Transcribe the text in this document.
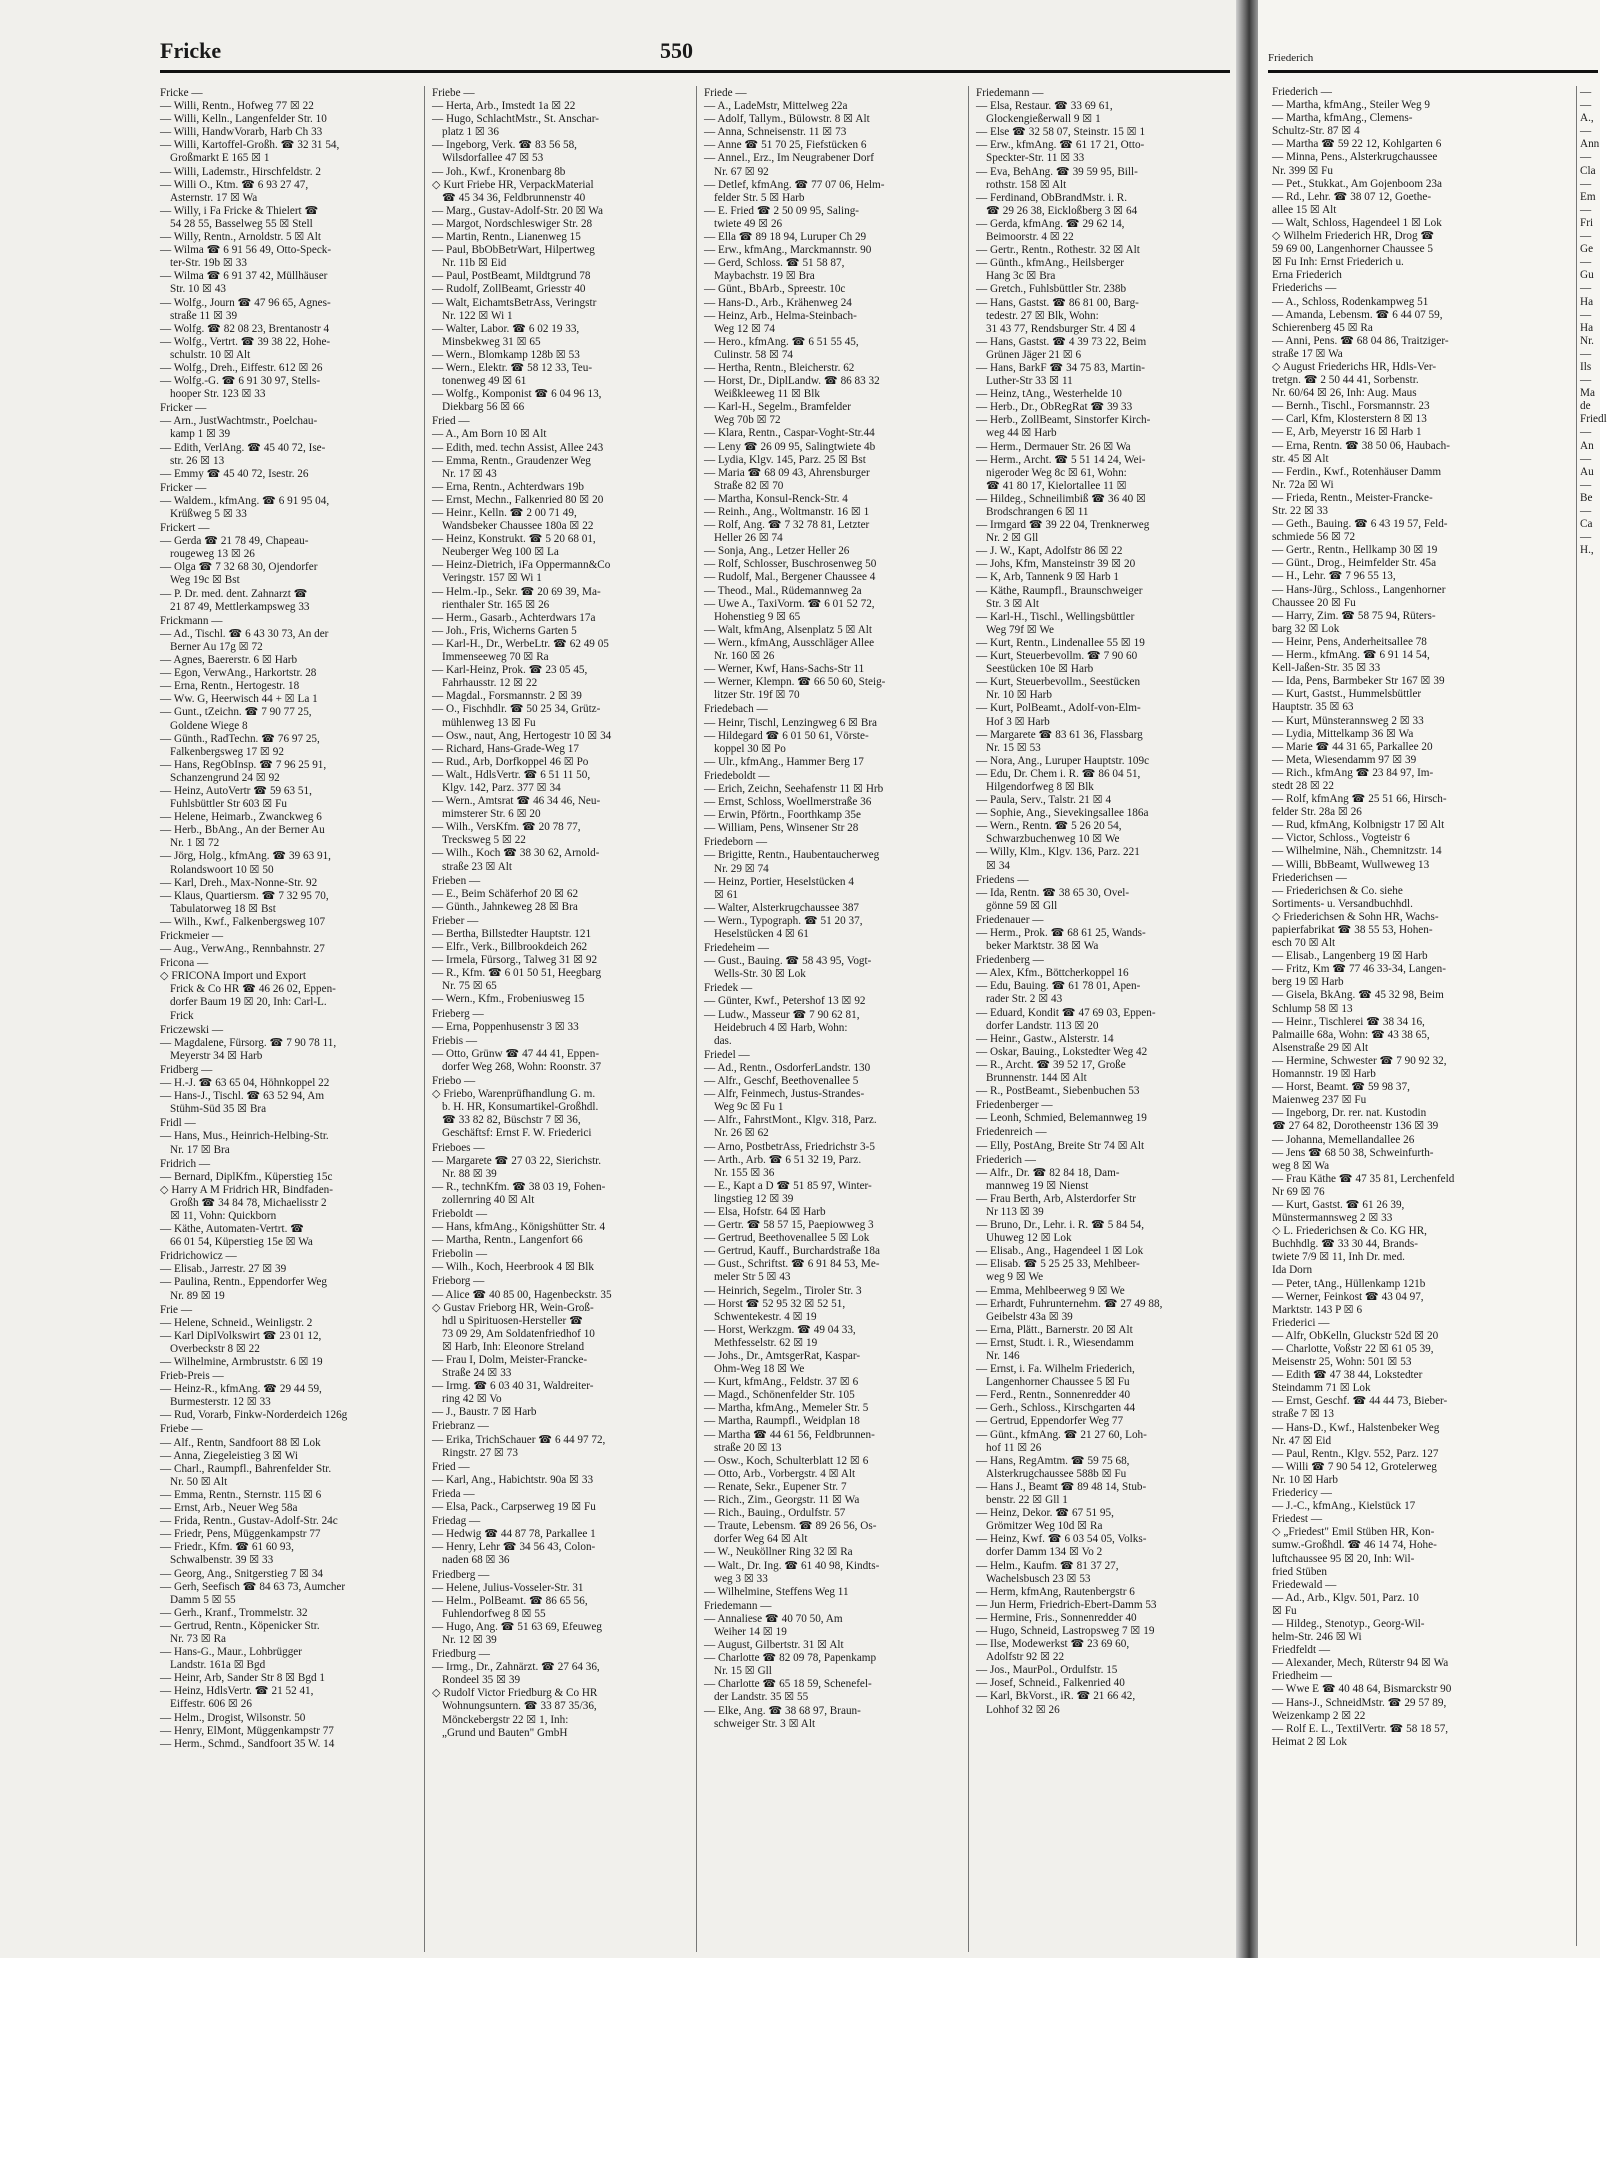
Fricke	550
Fricke —
— Willi, Rentn., Hofweg 77 ☒ 22
— Willi, Kelln., Langenfelder Str. 10
— Willi, HandwVorarb, Harb Ch 33
— Willi, Kartoffel-Großh. ☎ 32 31 54,
Großmarkt E 165 ☒ 1
— Willi, Lademstr., Hirschfeldstr. 2
— Willi O., Ktm. ☎ 6 93 27 47,
Asternstr. 17 ☒ Wa
— Willy, i Fa Fricke & Thielert ☎
54 28 55, Basselweg 55 ☒ Stell
— Willy, Rentn., Arnoldstr. 5 ☒ Alt
— Wilma ☎ 6 91 56 49, Otto-Speck-
ter-Str. 19b ☒ 33
— Wilma ☎ 6 91 37 42, Müllhäuser
Str. 10 ☒ 43
— Wolfg., Journ ☎ 47 96 65, Agnes-
straße 11 ☒ 39
— Wolfg. ☎ 82 08 23, Brentanostr 4
— Wolfg., Vertrt. ☎ 39 38 22, Hohe-
schulstr. 10 ☒ Alt
— Wolfg., Dreh., Eiffestr. 612 ☒ 26
— Wolfg.-G. ☎ 6 91 30 97, Stells-
hooper Str. 123 ☒ 33
Fricker —
— Arn., JustWachtmstr., Poelchau-
kamp 1 ☒ 39
— Edith, VerlAng. ☎ 45 40 72, Ise-
str. 26 ☒ 13
— Emmy ☎ 45 40 72, Isestr. 26
Fricker —
— Waldem., kfmAng. ☎ 6 91 95 04,
Krüßweg 5 ☒ 33
Frickert —
— Gerda ☎ 21 78 49, Chapeau-
rougeweg 13 ☒ 26
— Olga ☎ 7 32 68 30, Ojendorfer
Weg 19c ☒ Bst
— P. Dr. med. dent. Zahnarzt ☎
21 87 49, Mettlerkampsweg 33
Frickmann —
— Ad., Tischl. ☎ 6 43 30 73, An der
Berner Au 17g ☒ 72
— Agnes, Baererstr. 6 ☒ Harb
— Egon, VerwAng., Harkortstr. 28
— Erna, Rentn., Hertogestr. 18
— Ww. G, Heerwisch 44 + ☒ La 1
— Gunt., tZeichn. ☎ 7 90 77 25,
Goldene Wiege 8
— Günth., RadTechn. ☎ 76 97 25,
Falkenbergsweg 17 ☒ 92
— Hans, RegObInsp. ☎ 7 96 25 91,
Schanzengrund 24 ☒ 92
— Heinz, AutoVertr ☎ 59 63 51,
Fuhlsbüttler Str 603 ☒ Fu
— Helene, Heimarb., Zwanckweg 6
— Herb., BbAng., An der Berner Au
Nr. 1 ☒ 72
— Jörg, Holg., kfmAng. ☎ 39 63 91,
Rolandswoort 10 ☒ 50
— Karl, Dreh., Max-Nonne-Str. 92
— Klaus, Quartiersm. ☎ 7 32 95 70,
Tabulatorweg 18 ☒ Bst
— Wilh., Kwf., Falkenbergsweg 107
Frickmeier —
— Aug., VerwAng., Rennbahnstr. 27
Fricona —
◇ FRICONA Import und Export
Frick & Co HR ☎ 46 26 02, Eppen-
dorfer Baum 19 ☒ 20, Inh: Carl-L.
Frick
Friczewski —
— Magdalene, Fürsorg. ☎ 7 90 78 11,
Meyerstr 34 ☒ Harb
Fridberg —
— H.-J. ☎ 63 65 04, Höhnkoppel 22
— Hans-J., Tischl. ☎ 63 52 94, Am
Stühm-Süd 35 ☒ Bra
Fridl —
— Hans, Mus., Heinrich-Helbing-Str.
Nr. 17 ☒ Bra
Fridrich —
— Bernard, DiplKfm., Küperstieg 15c
◇ Harry A M Fridrich HR, Bindfaden-
Großh ☎ 34 84 78, Michaelisstr 2
☒ 11, Vohn: Quickborn
— Käthe, Automaten-Vertrt. ☎
66 01 54, Küperstieg 15e ☒ Wa
Fridrichowicz —
— Elisab., Jarrestr. 27 ☒ 39
— Paulina, Rentn., Eppendorfer Weg
Nr. 89 ☒ 19
Frie —
— Helene, Schneid., Weinligstr. 2
— Karl DiplVolkswirt ☎ 23 01 12,
Overbeckstr 8 ☒ 22
— Wilhelmine, Armbruststr. 6 ☒ 19
Frieb-Preis —
— Heinz-R., kfmAng. ☎ 29 44 59,
Burmesterstr. 12 ☒ 33
— Rud, Vorarb, Finkw-Norderdeich 126g
Friebe —
— Alf., Rentn, Sandfoort 88 ☒ Lok
— Anna, Ziegeleistieg 3 ☒ Wi
— Charl., Raumpfl., Bahrenfelder Str.
Nr. 50 ☒ Alt
— Emma, Rentn., Sternstr. 115 ☒ 6
— Ernst, Arb., Neuer Weg 58a
— Frida, Rentn., Gustav-Adolf-Str. 24c
— Friedr, Pens, Müggenkampstr 77
— Friedr., Kfm. ☎ 61 60 93,
Schwalbenstr. 39 ☒ 33
— Georg, Ang., Snitgerstieg 7 ☒ 34
— Gerh, Seefisch ☎ 84 63 73, Aumcher
Damm 5 ☒ 55
— Gerh., Kranf., Trommelstr. 32
— Gertrud, Rentn., Köpenicker Str.
Nr. 73 ☒ Ra
— Hans-G., Maur., Lohbrügger
Landstr. 161a ☒ Bgd
— Heinr, Arb, Sander Str 8 ☒ Bgd 1
— Heinz, HdlsVertr. ☎ 21 52 41,
Eiffestr. 606 ☒ 26
— Helm., Drogist, Wilsonstr. 50
— Henry, ElMont, Müggenkampstr 77
— Herm., Schmd., Sandfoort 35 W. 14
Friebe —
— Herta, Arb., Imstedt 1a ☒ 22
— Hugo, SchlachtMstr., St. Anschar-
platz 1 ☒ 36
— Ingeborg, Verk. ☎ 83 56 58,
Wilsdorfallee 47 ☒ 53
— Joh., Kwf., Kronenbarg 8b
◇ Kurt Friebe HR, VerpackMaterial
☎ 45 34 36, Feldbrunnenstr 40
— Marg., Gustav-Adolf-Str. 20 ☒ Wa
— Margot, Nordschleswiger Str. 28
— Martin, Rentn., Lianenweg 15
— Paul, BbObBetrWart, Hilpertweg
Nr. 11b ☒ Eid
— Paul, PostBeamt, Mildtgrund 78
— Rudolf, ZollBeamt, Griesstr 40
— Walt, EichamtsBetrAss, Veringstr
Nr. 122 ☒ Wi 1
— Walter, Labor. ☎ 6 02 19 33,
Minsbekweg 31 ☒ 65
— Wern., Blomkamp 128b ☒ 53
— Wern., Elektr. ☎ 58 12 33, Teu-
tonenweg 49 ☒ 61
— Wolfg., Komponist ☎ 6 04 96 13,
Diekbarg 56 ☒ 66
Fried —
— A., Am Born 10 ☒ Alt
— Edith, med. techn Assist, Allee 243
— Emma, Rentn., Graudenzer Weg
Nr. 17 ☒ 43
— Erna, Rentn., Achterdwars 19b
— Ernst, Mechn., Falkenried 80 ☒ 20
— Heinr., Kelln. ☎ 2 00 71 49,
Wandsbeker Chaussee 180a ☒ 22
— Heinz, Konstrukt. ☎ 5 20 68 01,
Neuberger Weg 100 ☒ La
— Heinz-Dietrich, iFa Oppermann&Co
Veringstr. 157 ☒ Wi 1
— Helm.-Ip., Sekr. ☎ 20 69 39, Ma-
rienthaler Str. 165 ☒ 26
— Herm., Gasarb., Achterdwars 17a
— Joh., Fris, Wicherns Garten 5
— Karl-H., Dr., WerbeLtr. ☎ 62 49 05
Immenseeweg 70 ☒ Ra
— Karl-Heinz, Prok. ☎ 23 05 45,
Fahrhausstr. 12 ☒ 22
— Magdal., Forsmannstr. 2 ☒ 39
— O., Fischhdlr. ☎ 50 25 34, Grütz-
mühlenweg 13 ☒ Fu
— Osw., naut, Ang, Hertogestr 10 ☒ 34
— Richard, Hans-Grade-Weg 17
— Rud., Arb, Dorfkoppel 46 ☒ Po
— Walt., HdlsVertr. ☎ 6 51 11 50,
Klgv. 142, Parz. 377 ☒ 34
— Wern., Amtsrat ☎ 46 34 46, Neu-
mimsterer Str. 6 ☒ 20
— Wilh., VersKfm. ☎ 20 78 77,
Trecksweg 5 ☒ 22
— Wilh., Koch ☎ 38 30 62, Arnold-
straße 23 ☒ Alt
Frieben —
— E., Beim Schäferhof 20 ☒ 62
— Günth., Jahnkeweg 28 ☒ Bra
Frieber —
— Bertha, Billstedter Hauptstr. 121
— Elfr., Verk., Billbrookdeich 262
— Irmela, Fürsorg., Talweg 31 ☒ 92
— R., Kfm. ☎ 6 01 50 51, Heegbarg
Nr. 75 ☒ 65
— Wern., Kfm., Frobeniusweg 15
Frieberg —
— Erna, Poppenhusenstr 3 ☒ 33
Friebis —
— Otto, Grünw ☎ 47 44 41, Eppen-
dorfer Weg 268, Wohn: Roonstr. 37
Friebo —
◇ Friebo, Warenprüfhandlung G. m.
b. H. HR, Konsumartikel-Großhdl.
☎ 33 82 82, Büschstr 7 ☒ 36,
Geschäftsf: Ernst F. W. Friederici
Frieboes —
— Margarete ☎ 27 03 22, Sierichstr.
Nr. 88 ☒ 39
— R., technKfm. ☎ 38 03 19, Fohen-
zollernring 40 ☒ Alt
Frieboldt —
— Hans, kfmAng., Königshütter Str. 4
— Martha, Rentn., Langenfort 66
Friebolin —
— Wilh., Koch, Heerbrook 4 ☒ Blk
Frieborg —
— Alice ☎ 40 85 00, Hagenbeckstr. 35
◇ Gustav Frieborg HR, Wein-Groß-
hdl u Spirituosen-Hersteller ☎
73 09 29, Am Soldatenfriedhof 10
☒ Harb, Inh: Eleonore Streland
— Frau I, Dolm, Meister-Francke-
Straße 24 ☒ 33
— Irmg. ☎ 6 03 40 31, Waldreiter-
ring 42 ☒ Vo
— J., Baustr. 7 ☒ Harb
Friebranz —
— Erika, TrichSchauer ☎ 6 44 97 72,
Ringstr. 27 ☒ 73
Fried —
— Karl, Ang., Habichtstr. 90a ☒ 33
Frieda —
— Elsa, Pack., Carpserweg 19 ☒ Fu
Friedag —
— Hedwig ☎ 44 87 78, Parkallee 1
— Henry, Lehr ☎ 34 56 43, Colon-
naden 68 ☒ 36
Friedberg —
— Helene, Julius-Vosseler-Str. 31
— Helm., PolBeamt. ☎ 86 65 56,
Fuhlendorfweg 8 ☒ 55
— Hugo, Ang. ☎ 51 63 69, Efeuweg
Nr. 12 ☒ 39
Friedburg —
— Irmg., Dr., Zahnärzt. ☎ 27 64 36,
Rondeel 35 ☒ 39
◇ Rudolf Victor Friedburg & Co HR
Wohnungsuntern. ☎ 33 87 35/36,
Mönckebergstr 22 ☒ 1, Inh:
„Grund und Bauten" GmbH
Friede —
— A., LadeMstr, Mittelweg 22a
— Adolf, Tallym., Bülowstr. 8 ☒ Alt
— Anna, Schneisenstr. 11 ☒ 73
— Anne ☎ 51 70 25, Fiefstücken 6
— Annel., Erz., Im Neugrabener Dorf
Nr. 67 ☒ 92
— Detlef, kfmAng. ☎ 77 07 06, Helm-
felder Str. 5 ☒ Harb
— E. Fried ☎ 2 50 09 95, Saling-
twiete 49 ☒ 26
— Ella ☎ 89 18 94, Luruper Ch 29
— Erw., kfmAng., Marckmannstr. 90
— Gerd, Schloss. ☎ 51 58 87,
Maybachstr. 19 ☒ Bra
— Günt., BbArb., Spreestr. 10c
— Hans-D., Arb., Krähenweg 24
— Heinz, Arb., Helma-Steinbach-
Weg 12 ☒ 74
— Hero., kfmAng. ☎ 6 51 55 45,
Culinstr. 58 ☒ 74
— Hertha, Rentn., Bleicherstr. 62
— Horst, Dr., DiplLandw. ☎ 86 83 32
Weißkleeweg 11 ☒ Blk
— Karl-H., Segelm., Bramfelder
Weg 70b ☒ 72
— Klara, Rentn., Caspar-Voght-Str.44
— Leny ☎ 26 09 95, Salingtwiete 4b
— Lydia, Klgv. 145, Parz. 25 ☒ Bst
— Maria ☎ 68 09 43, Ahrensburger
Straße 82 ☒ 70
— Martha, Konsul-Renck-Str. 4
— Reinh., Ang., Woltmanstr. 16 ☒ 1
— Rolf, Ang. ☎ 7 32 78 81, Letzter
Heller 26 ☒ 74
— Sonja, Ang., Letzer Heller 26
— Rolf, Schlosser, Buschrosenweg 50
— Rudolf, Mal., Bergener Chaussee 4
— Theod., Mal., Rüdemannweg 2a
— Uwe A., TaxiVorm. ☎ 6 01 52 72,
Hohenstieg 9 ☒ 65
— Walt, kfmAng, Alsenplatz 5 ☒ Alt
— Wern., kfmAng, Ausschläger Allee
Nr. 160 ☒ 26
— Werner, Kwf, Hans-Sachs-Str 11
— Werner, Klempn. ☎ 66 50 60, Steig-
litzer Str. 19f ☒ 70
Friedebach —
— Heinr, Tischl, Lenzingweg 6 ☒ Bra
— Hildegard ☎ 6 01 50 61, Vörste-
koppel 30 ☒ Po
— Ulr., kfmAng., Hammer Berg 17
Friedeboldt —
— Erich, Zeichn, Seehafenstr 11 ☒ Hrb
— Ernst, Schloss, Woellmerstraße 36
— Erwin, Pförtn., Foorthkamp 35e
— William, Pens, Winsener Str 28
Friedeborn —
— Brigitte, Rentn., Haubentaucherweg
Nr. 29 ☒ 74
— Heinz, Portier, Heselstücken 4
☒ 61
— Walter, Alsterkrugchaussee 387
— Wern., Typograph. ☎ 51 20 37,
Heselstücken 4 ☒ 61
Friedeheim —
— Gust., Bauing. ☎ 58 43 95, Vogt-
Wells-Str. 30 ☒ Lok
Friedek —
— Günter, Kwf., Petershof 13 ☒ 92
— Ludw., Masseur ☎ 7 90 62 81,
Heidebruch 4 ☒ Harb, Wohn:
das.
Friedel —
— Ad., Rentn., OsdorferLandstr. 130
— Alfr., Geschf, Beethovenallee 5
— Alfr, Feinmech, Justus-Strandes-
Weg 9c ☒ Fu 1
— Alfr., FahrstMont., Klgv. 318, Parz.
Nr. 26 ☒ 62
— Arno, PostbetrAss, Friedrichstr 3-5
— Arth., Arb. ☎ 6 51 32 19, Parz.
Nr. 155 ☒ 36
— E., Kapt a D ☎ 51 85 97, Winter-
lingstieg 12 ☒ 39
— Elsa, Hofstr. 64 ☒ Harb
— Gertr. ☎ 58 57 15, Paepiowweg 3
— Gertrud, Beethovenallee 5 ☒ Lok
— Gertrud, Kauff., Burchardstraße 18a
— Gust., Schriftst. ☎ 6 91 84 53, Me-
meler Str 5 ☒ 43
— Heinrich, Segelm., Tiroler Str. 3
— Horst ☎ 52 95 32 ☒ 52 51,
Schwentekestr. 4 ☒ 19
— Horst, Werkzgm. ☎ 49 04 33,
Methfesselstr. 62 ☒ 19
— Johs., Dr., AmtsgerRat, Kaspar-
Ohm-Weg 18 ☒ We
— Kurt, kfmAng., Feldstr. 37 ☒ 6
— Magd., Schönenfelder Str. 105
— Martha, kfmAng., Memeler Str. 5
— Martha, Raumpfl., Weidplan 18
— Martha ☎ 44 61 56, Feldbrunnen-
straße 20 ☒ 13
— Osw., Koch, Schulterblatt 12 ☒ 6
— Otto, Arb., Vorbergstr. 4 ☒ Alt
— Renate, Sekr., Eupener Str. 7
— Rich., Zim., Georgstr. 11 ☒ Wa
— Rich., Bauing., Ordulfstr. 57
— Traute, Lebensm. ☎ 89 26 56, Os-
dorfer Weg 64 ☒ Alt
— W., Neuköllner Ring 32 ☒ Ra
— Walt., Dr. Ing. ☎ 61 40 98, Kindts-
weg 3 ☒ 33
— Wilhelmine, Steffens Weg 11
Friedemann —
— Annaliese ☎ 40 70 50, Am
Weiher 14 ☒ 19
— August, Gilbertstr. 31 ☒ Alt
— Charlotte ☎ 82 09 78, Papenkamp
Nr. 15 ☒ Gll
— Charlotte ☎ 65 18 59, Schenefel-
der Landstr. 35 ☒ 55
— Elke, Ang. ☎ 38 68 97, Braun-
schweiger Str. 3 ☒ Alt
Friedemann —
— Elsa, Restaur. ☎ 33 69 61,
Glockengießerwall 9 ☒ 1
— Else ☎ 32 58 07, Steinstr. 15 ☒ 1
— Erw., kfmAng. ☎ 61 17 21, Otto-
Speckter-Str. 11 ☒ 33
— Eva, BehAng. ☎ 39 59 95, Bill-
rothstr. 158 ☒ Alt
— Ferdinand, ObBrandMstr. i. R.
☎ 29 26 38, Eickloßberg 3 ☒ 64
— Gerda, kfmAng. ☎ 29 62 14,
Beimoorstr. 4 ☒ 22
— Gertr., Rentn., Rothestr. 32 ☒ Alt
— Günth., kfmAng., Heilsberger
Hang 3c ☒ Bra
— Gretch., Fuhlsbüttler Str. 238b
— Hans, Gastst. ☎ 86 81 00, Barg-
tedestr. 27 ☒ Blk, Wohn:
31 43 77, Rendsburger Str. 4 ☒ 4
— Hans, Gastst. ☎ 4 39 73 22, Beim
Grünen Jäger 21 ☒ 6
— Hans, BarkF ☎ 34 75 83, Martin-
Luther-Str 33 ☒ 11
— Heinz, tAng., Westerhelde 10
— Herb., Dr., ObRegRat ☎ 39 33
— Herb., ZollBeamt, Sinstorfer Kirch-
weg 44 ☒ Harb
— Herm., Dermauer Str. 26 ☒ Wa
— Herm., Archt. ☎ 5 51 14 24, Wei-
nigeroder Weg 8c ☒ 61, Wohn:
☎ 41 80 17, Kielortallee 11 ☒
— Hildeg., Schneilimbiß ☎ 36 40 ☒
Brodschrangen 6 ☒ 11
— Irmgard ☎ 39 22 04, Trenknerweg
Nr. 2 ☒ Gll
— J. W., Kapt, Adolfstr 86 ☒ 22
— Johs, Kfm, Mansteinstr 39 ☒ 20
— K, Arb, Tannenk 9 ☒ Harb 1
— Käthe, Raumpfl., Braunschweiger
Str. 3 ☒ Alt
— Karl-H., Tischl., Wellingsbüttler
Weg 79f ☒ We
— Kurt, Rentn., Lindenallee 55 ☒ 19
— Kurt, Steuerbevollm. ☎ 7 90 60
Seestücken 10e ☒ Harb
— Kurt, Steuerbevollm., Seestücken
Nr. 10 ☒ Harb
— Kurt, PolBeamt., Adolf-von-Elm-
Hof 3 ☒ Harb
— Margarete ☎ 83 61 36, Flassbarg
Nr. 15 ☒ 53
— Nora, Ang., Luruper Hauptstr. 109c
— Edu, Dr. Chem i. R. ☎ 86 04 51,
Hilgendorfweg 8 ☒ Blk
— Paula, Serv., Talstr. 21 ☒ 4
— Sophie, Ang., Sievekingsallee 186a
— Wern., Rentn. ☎ 5 26 20 54,
Schwarzbuchenweg 10 ☒ We
— Willy, Klm., Klgv. 136, Parz. 221
☒ 34
Friedens —
— Ida, Rentn. ☎ 38 65 30, Ovel-
gönne 59 ☒ Gll
Friedenauer —
— Herm., Prok. ☎ 68 61 25, Wands-
beker Marktstr. 38 ☒ Wa
Friedenberg —
— Alex, Kfm., Böttcherkoppel 16
— Edu, Bauing. ☎ 61 78 01, Apen-
rader Str. 2 ☒ 43
— Eduard, Kondit ☎ 47 69 03, Eppen-
dorfer Landstr. 113 ☒ 20
— Heinr., Gastw., Alsterstr. 14
— Oskar, Bauing., Lokstedter Weg 42
— R., Archt. ☎ 39 52 17, Große
Brunnenstr. 144 ☒ Alt
— R., PostBeamt., Siebenbuchen 53
Friedenberger —
— Leonh, Schmied, Belemannweg 19
Friedenreich —
— Elly, PostAng, Breite Str 74 ☒ Alt
Friederich —
— Alfr., Dr. ☎ 82 84 18, Dam-
mannweg 19 ☒ Nienst
— Frau Berth, Arb, Alsterdorfer Str
Nr 113 ☒ 39
— Bruno, Dr., Lehr. i. R. ☎ 5 84 54,
Uhuweg 12 ☒ Lok
— Elisab., Ang., Hagendeel 1 ☒ Lok
— Elisab. ☎ 5 25 25 33, Mehlbeer-
weg 9 ☒ We
— Emma, Mehlbeerweg 9 ☒ We
— Erhardt, Fuhrunternehm. ☎ 27 49 88,
Geibelstr 43a ☒ 39
— Erna, Plätt., Barnerstr. 20 ☒ Alt
— Ernst, Studt. i. R., Wiesendamm
Nr. 146
— Ernst, i. Fa. Wilhelm Friederich,
Langenhorner Chaussee 5 ☒ Fu
— Ferd., Rentn., Sonnenredder 40
— Gerh., Schloss., Kirschgarten 44
— Gertrud, Eppendorfer Weg 77
— Günt., kfmAng. ☎ 21 27 60, Loh-
hof 11 ☒ 26
— Hans, RegAmtm. ☎ 59 75 68,
Alsterkrugchaussee 588b ☒ Fu
— Hans J., Beamt ☎ 89 48 14, Stub-
benstr. 22 ☒ Gll 1
— Heinz, Dekor. ☎ 67 51 95,
Grömitzer Weg 10d ☒ Ra
— Heinz, Kwf. ☎ 6 03 54 05, Volks-
dorfer Damm 134 ☒ Vo 2
— Helm., Kaufm. ☎ 81 37 27,
Wachelsbusch 23 ☒ 53
— Herm, kfmAng, Rautenbergstr 6
— Jun Herm, Friedrich-Ebert-Damm 53
— Hermine, Fris., Sonnenredder 40
— Hugo, Schneid, Lastropsweg 7 ☒ 19
— Ilse, Modewerkst ☎ 23 69 60,
Adolfstr 92 ☒ 22
— Jos., MaurPol., Ordulfstr. 15
— Josef, Schneid., Falkenried 40
— Karl, BkVorst., iR. ☎ 21 66 42,
Lohhof 32 ☒ 26
Friederich
Friederich —
— Martha, kfmAng., Steiler Weg 9
— Martha, kfmAng., Clemens-
Schultz-Str. 87 ☒ 4
— Martha ☎ 59 22 12, Kohlgarten 6
— Minna, Pens., Alsterkrugchaussee
Nr. 399 ☒ Fu
— Pet., Stukkat., Am Gojenboom 23a
— Rd., Lehr. ☎ 38 07 12, Goethe-
allee 15 ☒ Alt
— Walt, Schloss, Hagendeel 1 ☒ Lok
◇ Wilhelm Friederich HR, Drog ☎
59 69 00, Langenhorner Chaussee 5
☒ Fu Inh: Ernst Friederich u.
Erna Friederich
Friederichs —
— A., Schloss, Rodenkampweg 51
— Amanda, Lebensm. ☎ 6 44 07 59,
Schierenberg 45 ☒ Ra
— Anni, Pens. ☎ 68 04 86, Traitziger-
straße 17 ☒ Wa
◇ August Friederichs HR, Hdls-Ver-
tretgn. ☎ 2 50 44 41, Sorbenstr.
Nr. 60/64 ☒ 26, Inh: Aug. Maus
— Bernh., Tischl., Forsmannstr. 23
— Carl, Kfm, Klosterstern 8 ☒ 13
— E, Arb, Meyerstr 16 ☒ Harb 1
— Erna, Rentn. ☎ 38 50 06, Haubach-
str. 45 ☒ Alt
— Ferdin., Kwf., Rotenhäuser Damm
Nr. 72a ☒ Wi
— Frieda, Rentn., Meister-Francke-
Str. 22 ☒ 33
— Geth., Bauing. ☎ 6 43 19 57, Feld-
schmiede 56 ☒ 72
— Gertr., Rentn., Hellkamp 30 ☒ 19
— Günt., Drog., Heimfelder Str. 45a
— H., Lehr. ☎ 7 96 55 13,
— Hans-Jürg., Schloss., Langenhorner
Chaussee 20 ☒ Fu
— Harry, Zim. ☎ 58 75 94, Rüters-
barg 32 ☒ Lok
— Heinr, Pens, Anderheitsallee 78
— Herm., kfmAng. ☎ 6 91 14 54,
Kell-Jaßen-Str. 35 ☒ 33
— Ida, Pens, Barmbeker Str 167 ☒ 39
— Kurt, Gastst., Hummelsbüttler
Hauptstr. 35 ☒ 63
— Kurt, Münsterannsweg 2 ☒ 33
— Lydia, Mittelkamp 36 ☒ Wa
— Marie ☎ 44 31 65, Parkallee 20
— Meta, Wiesendamm 97 ☒ 39
— Rich., kfmAng ☎ 23 84 97, Im-
stedt 28 ☒ 22
— Rolf, kfmAng ☎ 25 51 66, Hirsch-
felder Str. 28a ☒ 26
— Rud, kfmAng, Kolbnigstr 17 ☒ Alt
— Victor, Schloss., Vogteistr 6
— Wilhelmine, Näh., Chemnitzstr. 14
— Willi, BbBeamt, Wullweweg 13
Friederichsen —
— Friederichsen & Co. siehe
Sortiments- u. Versandbuchhdl.
◇ Friederichsen & Sohn HR, Wachs-
papierfabrikat ☎ 38 55 53, Hohen-
esch 70 ☒ Alt
— Elisab., Langenberg 19 ☒ Harb
— Fritz, Km ☎ 77 46 33-34, Langen-
berg 19 ☒ Harb
— Gisela, BkAng. ☎ 45 32 98, Beim
Schlump 58 ☒ 13
— Heinr., Tischlerei ☎ 38 34 16,
Palmaille 68a, Wohn: ☎ 43 38 65,
Alsenstraße 29 ☒ Alt
— Hermine, Schwester ☎ 7 90 92 32,
Homannstr. 19 ☒ Harb
— Horst, Beamt. ☎ 59 98 37,
Maienweg 237 ☒ Fu
— Ingeborg, Dr. rer. nat. Kustodin
☎ 27 64 82, Dorotheenstr 136 ☒ 39
— Johanna, Memellandallee 26
— Jens ☎ 68 50 38, Schweinfurth-
weg 8 ☒ Wa
— Frau Käthe ☎ 47 35 81, Lerchenfeld
Nr 69 ☒ 76
— Kurt, Gastst. ☎ 61 26 39,
Münstermannsweg 2 ☒ 33
◇ L. Friederichsen & Co. KG HR,
Buchhdlg. ☎ 33 30 44, Brands-
twiete 7/9 ☒ 11, Inh Dr. med.
Ida Dorn
— Peter, tAng., Hüllenkamp 121b
— Werner, Feinkost ☎ 43 04 97,
Marktstr. 143 P ☒ 6
Friederici —
— Alfr, ObKelln, Gluckstr 52d ☒ 20
— Charlotte, Voßstr 22 ☒ 61 05 39,
Meisenstr 25, Wohn: 501 ☒ 53
— Edith ☎ 47 38 44, Lokstedter
Steindamm 71 ☒ Lok
— Ernst, Geschf. ☎ 44 44 73, Bieber-
straße 7 ☒ 13
— Hans-D., Kwf., Halstenbeker Weg
Nr. 47 ☒ Eid
— Paul, Rentn., Klgv. 552, Parz. 127
— Willi ☎ 7 90 54 12, Grotelerweg
Nr. 10 ☒ Harb
Friedericy —
— J.-C., kfmAng., Kielstück 17
Friedest —
◇ „Friedest" Emil Stüben HR, Kon-
sumw.-Großhdl. ☎ 46 14 74, Hohe-
luftchaussee 95 ☒ 20, Inh: Wil-
fried Stüben
Friedewald —
— Ad., Arb., Klgv. 501, Parz. 10
☒ Fu
— Hildeg., Stenotyp., Georg-Wil-
helm-Str. 246 ☒ Wi
Friedfeldt —
— Alexander, Mech, Rüterstr 94 ☒ Wa
Friedheim —
— Wwe E ☎ 40 48 64, Bismarckstr 90
— Hans-J., SchneidMstr. ☎ 29 57 89,
Weizenkamp 2 ☒ 22
— Rolf E. L., TextilVertr. ☎ 58 18 57,
Heimat 2 ☒ Lok
—
— A.,
— Ann
— Cla
— Em
— Fri
— Ge
— Gu
— Ha
— Ha
Nr.
— Ils
— Ma
de
Friedl
— An
— Au
— Be
— Ca
— H.,
